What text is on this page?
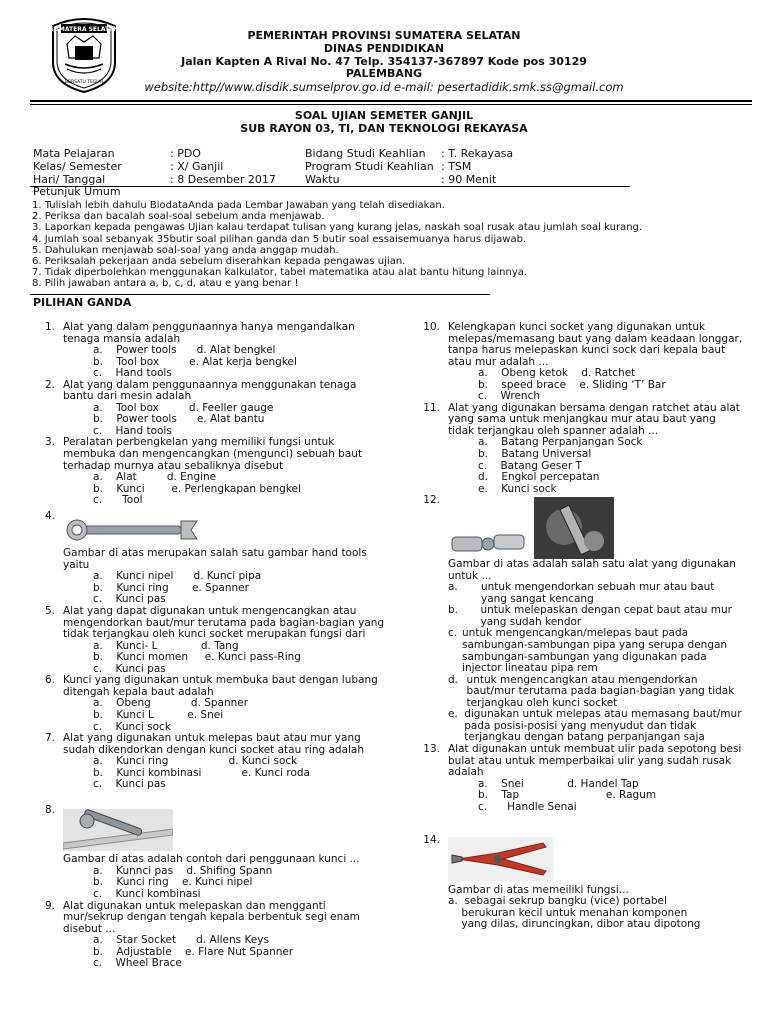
SUMATERA SELATAN
BERSATU TEGUH
PEMERINTAH PROVINSI SUMATERA SELATAN
DINAS PENDIDIKAN
Jalan Kapten A Rival No. 47 Telp. 354137-367897 Kode pos 30129
PALEMBANG
website:http//www.disdik.sumselprov.go.id e-mail: pesertadidik.smk.ss@gmail.com
SOAL UJIAN SEMETER GANJIL
SUB RAYON 03, TI, DAN TEKNOLOGI REKAYASA
Mata Pelajaran	: PDO	Bidang Studi Keahlian : T. Rekayasa
Kelas/ Semester	: X/ Ganjil	Program Studi Keahlian : TSM
Hari/ Tanggal	: 8 Desember 2017	Waktu	: 90 Menit
Petunjuk Umum

1. Tulislah lebih dahulu BiodataAnda pada Lembar Jawaban yang telah disediakan.

2. Periksa dan bacalah soal-soal sebelum anda menjawab.

3. Laporkan kepada pengawas Ujian kalau terdapat tulisan yang kurang jelas, naskah soal rusak atau jumlah soal kurang.

4. Jumlah soal sebanyak 35butir soal pilihan ganda dan 5 butir soal essaisemuanya harus dijawab.

5. Dahulukan menjawab soal-soal yang anda anggap mudah.

6. Periksalah pekerjaan anda sebelum diserahkan kepada pengawas ujian.

7. Tidak diperbolehkan menggunakan kalkulator, tabel matematika atau alat bantu hitung lainnya.

8. Pilih jawaban antara a, b, c, d, atau e yang benar !

PILIHAN GANDA
1. Alat yang dalam penggunaannya hanya mengandalkan tenaga mansia adalah
a.    Power tools      d. Alat bengkel
b.    Tool box         e. Alat kerja bengkel
c.    Hand tools
2. Alat yang dalam penggunaannya menggunakan tenaga bantu dari mesin adalah
a.    Tool box         d. Feeller gauge
b.    Power tools      e. Alat bantu
c.    Hand tools
3. Peralatan perbengkelan yang memiliki fungsi untuk membuka dan mengencangkan (mengunci) sebuah baut terhadap murnya atau sebaliknya disebut
a.    Alat         d. Engine
b.    Kunci        e. Perlengkapan bengkel
c.      Tool
4.
Gambar di atas merupakan salah satu gambar hand tools yaitu
a.    Kunci nipel      d. Kunci pipa
b.    Kunci ring       e. Spanner
c.    Kunci pas
5. Alat yang dapat digunakan untuk mengencangkan atau mengendorkan baut/mur terutama pada bagian-bagian yang tidak terjangkau oleh kunci socket merupakan fungsi dari
a.    Kunci- L             d. Tang
b.    Kunci momen     e. Kunci pass-Ring
c.    Kunci pas
6. Kunci yang digunakan untuk membuka baut dengan lubang ditengah kepala baut adalah
a.    Obeng            d. Spanner
b.    Kunci L          e. Snei
c.    Kunci sock
7. Alat yang digunakan untuk melepas baut atau mur yang sudah dikendorkan dengan kunci socket atau ring adalah
a.    Kunci ring                  d. Kunci sock
b.    Kunci kombinasi            e. Kunci roda
c.    Kunci pas
8.
Gambar di atas adalah contoh dari penggunaan kunci ...
a.    Kunnci pas    d. Shifing Spann
b.    Kunci ring    e. Kunci nipel
c.    Kunci kombinasi
9. Alat digunakan untuk melepaskan dan mengganti mur/sekrup dengan tengah kepala berbentuk segi enam disebut ...
a.    Star Socket      d. Allens Keys
b.    Adjustable    e. Flare Nut Spanner
c.    Wheel Brace
10. Kelengkapan kunci socket yang digunakan untuk melepas/memasang baut yang dalam keadaan longgar, tanpa harus melepaskan kunci sock dari kepala baut atau mur adalah ...
a.    Obeng ketok    d. Ratchet
b.    speed brace    e. Sliding ‘T’ Bar
c.    Wrench
11. Alat yang digunakan bersama dengan ratchet atau alat yang sama untuk menjangkau mur atau baut yang tidak terjangkau oleh spanner adalah ...
a.    Batang Perpanjangan Sock
b.    Batang Universal
c.    Batang Geser T
d.    Engkol percepatan
e.    Kunci sock
12.
Gambar di atas adalah salah satu alat yang digunakan untuk ...
a.	untuk mengendorkan sebuah mur atau baut yang sangat kencang
b.	untuk melepaskan dengan cepat baut atau mur yang sudah kendor
c. untuk mengencangkan/melepas baut pada sambungan-sambungan pipa yang serupa dengan sambungan-sambungan yang digunakan pada injector lineatau pipa rem
d. untuk mengencangkan atau mengendorkan baut/mur terutama pada bagian-bagian yang tidak terjangkau oleh kunci socket
e. digunakan untuk melepas atau memasang baut/mur pada posisi-posisi yang menyudut dan tidak terjangkau dengan batang perpanjangan saja
13. Alat digunakan untuk membuat ulir pada sepotong besi bulat atau untuk memperbaikai ulir yang sudah rusak adalah
a.    Snei             d. Handel Tap
b.    Tap                          e. Ragum
c.      Handle Senai
14.
Gambar di atas memeiliki fungsi...
a.  sebagai sekrup bangku (vice) portabel
berukuran kecil untuk menahan komponen
yang dilas, diruncingkan, dibor atau dipotong
